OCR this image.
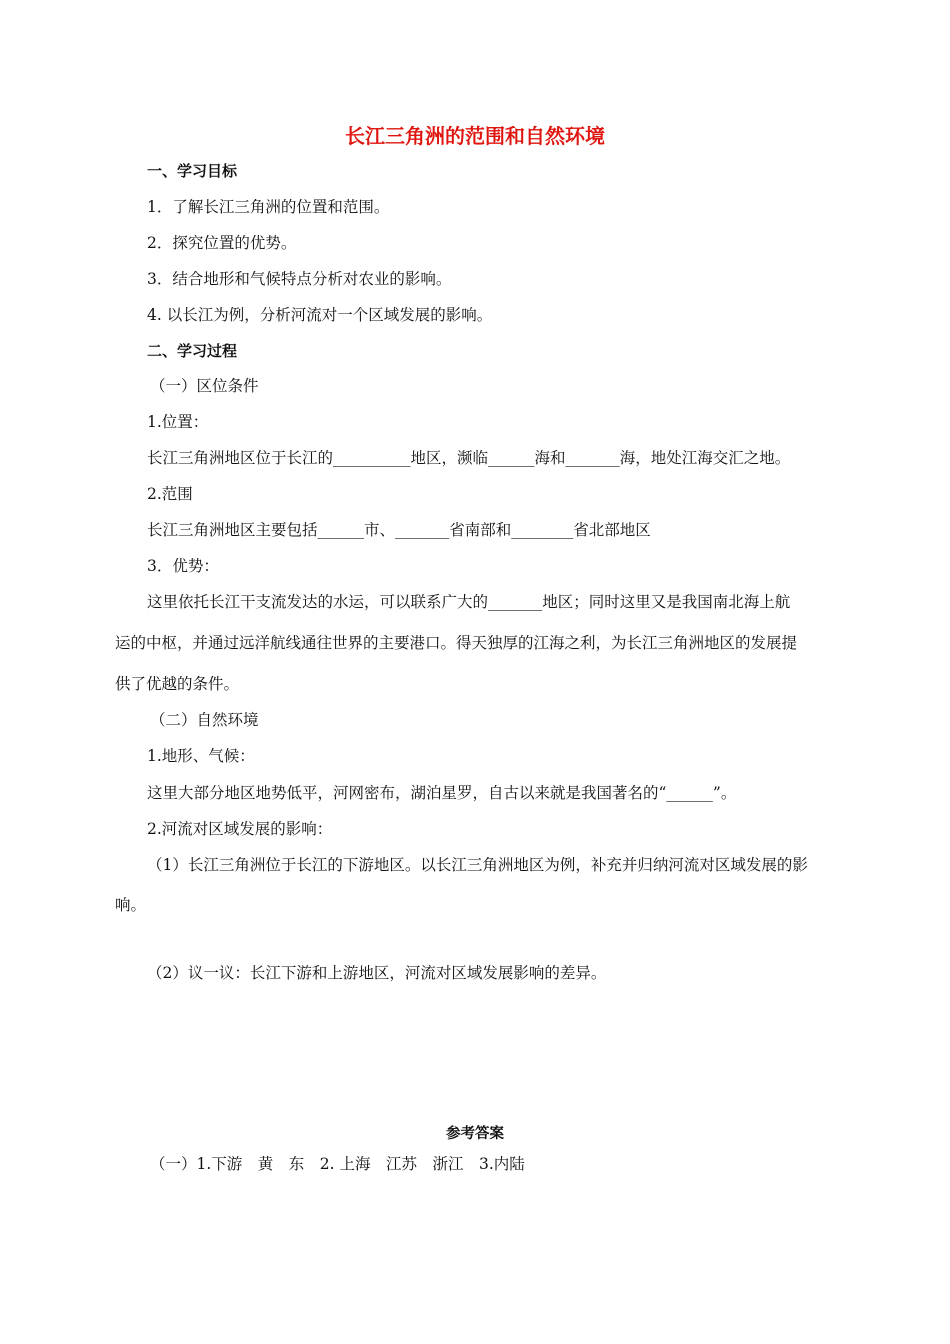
长江三角洲的范围和自然环境
一、学习目标
1．了解长江三角洲的位置和范围。
2．探究位置的优势。
3．结合地形和气候特点分析对农业的影响。
4. 以长江为例，分析河流对一个区域发展的影响。
二、学习过程
（一）区位条件
1.位置：
长江三角洲地区位于长江的__________地区，濒临______海和_______海，地处江海交汇之地。
2.范围
长江三角洲地区主要包括______市、_______省南部和________省北部地区
3．优势：
这里依托长江干支流发达的水运，可以联系广大的_______地区；同时这里又是我国南北海上航
运的中枢，并通过远洋航线通往世界的主要港口。得天独厚的江海之利，为长江三角洲地区的发展提
供了优越的条件。
（二）自然环境
1.地形、气候：
这里大部分地区地势低平，河网密布，湖泊星罗，自古以来就是我国著名的“______”。
2.河流对区域发展的影响：
（1）长江三角洲位于长江的下游地区。以长江三角洲地区为例，补充并归纳河流对区域发展的影
响。
（2）议一议：长江下游和上游地区，河流对区域发展影响的差异。
参考答案
（一）1.下游　黄　东　2. 上海　江苏　浙江　3.内陆
